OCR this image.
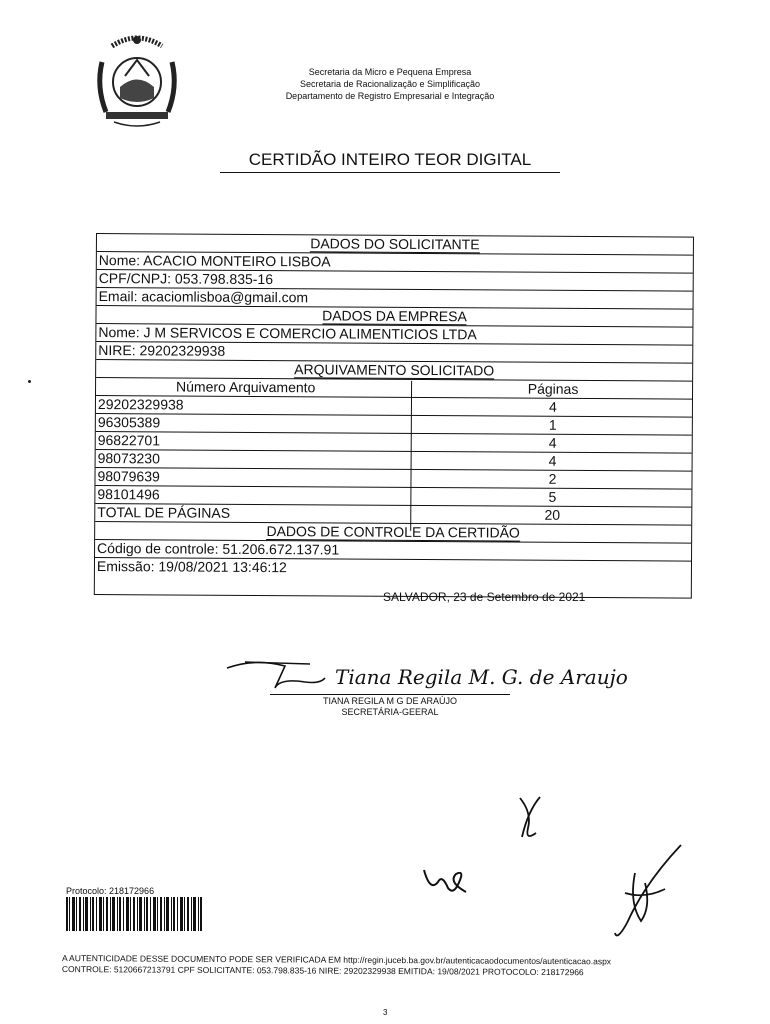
Secretaria da Micro e Pequena Empresa
Secretaria de Racionalização e Simplificação
Departamento de Registro Empresarial e Integração
CERTIDÃO INTEIRO TEOR DIGITAL
DADOS DO SOLICITANTE
Nome: ACACIO MONTEIRO LISBOA

CPF/CNPJ: 053.798.835-16

Email: acaciomlisboa@gmail.com

DADOS DA EMPRESA
Nome: J M SERVICOS E COMERCIO ALIMENTICIOS LTDA

NIRE: 29202329938

ARQUIVAMENTO SOLICITADO
Número Arquivamento	Páginas

29202329938	4

96305389	1

96822701	4

98073230	4

98079639	2

98101496	5

TOTAL DE PÁGINAS	20

DADOS DE CONTROLE DA CERTIDÃO
Código de controle: 51.206.672.137.91

Emissão: 19/08/2021 13:46:12

SALVADOR, 23 de Setembro de 2021
Tiana Regila M. G. de Araujo
TIANA REGILA M G DE ARAÚJO
SECRETÁRIA-GEERAL
Protocolo: 218172966
A AUTENTICIDADE DESSE DOCUMENTO PODE SER VERIFICADA EM http://regin.juceb.ba.gov.br/autenticacaodocumentos/autenticacao.aspx
CONTROLE: 5120667213791 CPF SOLICITANTE: 053.798.835-16 NIRE: 29202329938 EMITIDA: 19/08/2021 PROTOCOLO: 218172966
3
